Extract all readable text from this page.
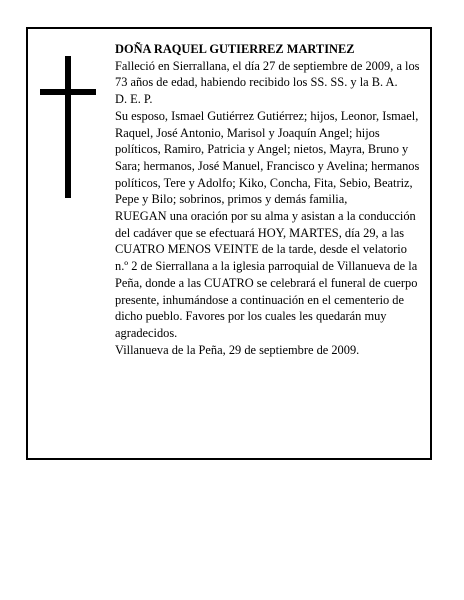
DOÑA RAQUEL GUTIERREZ MARTINEZ

Falleció en Sierrallana, el día 27 de septiembre de 2009, a los 73 años de edad, habiendo recibido los SS. SS. y la B. A.

D. E. P.

Su esposo, Ismael Gutiérrez Gutiérrez; hijos, Leonor, Ismael, Raquel, José Antonio, Marisol y Joaquín Angel; hijos políticos, Ramiro, Patricia y Angel; nietos, Mayra, Bruno y Sara; hermanos, José Manuel, Francisco y Avelina; hermanos políticos, Tere y Adolfo; Kiko, Concha, Fita, Sebio, Beatriz, Pepe y Bilo; sobrinos, primos y demás familia,

RUEGAN una oración por su alma y asistan a la conducción del cadáver que se efectuará HOY, MARTES, día 29, a las CUATRO MENOS VEINTE de la tarde, desde el velatorio n.º 2 de Sierrallana a la iglesia parroquial de Villanueva de la Peña, donde a las CUATRO se celebrará el funeral de cuerpo presente, inhumándose a continuación en el cementerio de dicho pueblo. Favores por los cuales les quedarán muy agradecidos.

Villanueva de la Peña, 29 de septiembre de 2009.
